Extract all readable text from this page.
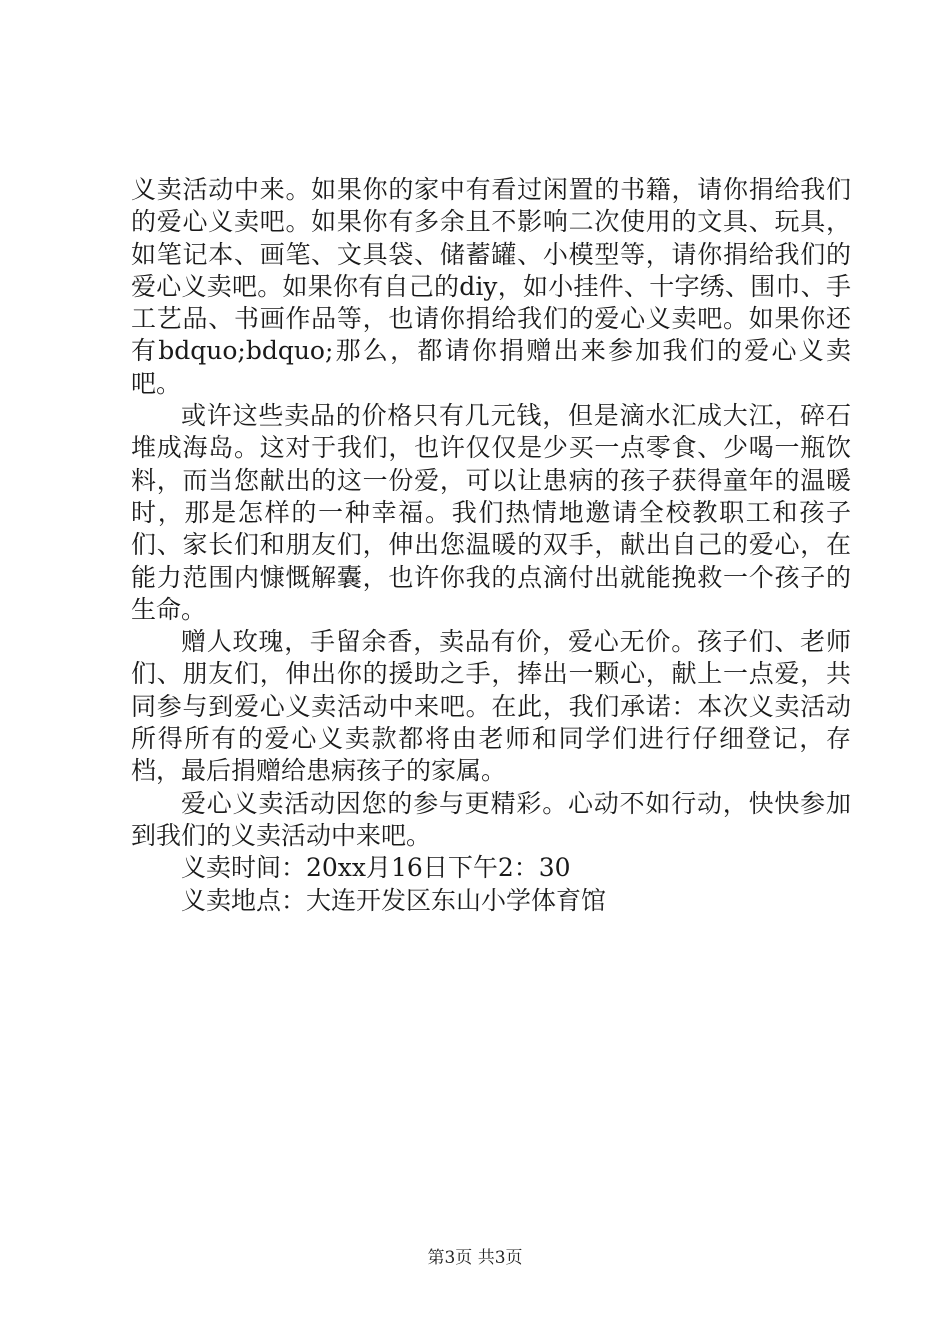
义卖活动中来。如果你的家中有看过闲置的书籍，请你捐给我们的爱心义卖吧。如果你有多余且不影响二次使用的文具、玩具，如笔记本、画笔、文具袋、储蓄罐、小模型等，请你捐给我们的爱心义卖吧。如果你有自己的diy，如小挂件、十字绣、围巾、手工艺品、书画作品等，也请你捐给我们的爱心义卖吧。如果你还有bdquo;bdquo;那么，都请你捐赠出来参加我们的爱心义卖吧。

或许这些卖品的价格只有几元钱，但是滴水汇成大江，碎石堆成海岛。这对于我们，也许仅仅是少买一点零食、少喝一瓶饮料，而当您献出的这一份爱，可以让患病的孩子获得童年的温暖时，那是怎样的一种幸福。我们热情地邀请全校教职工和孩子们、家长们和朋友们，伸出您温暖的双手，献出自己的爱心，在能力范围内慷慨解囊，也许你我的点滴付出就能挽救一个孩子的生命。

赠人玫瑰，手留余香，卖品有价，爱心无价。孩子们、老师们、朋友们，伸出你的援助之手，捧出一颗心，献上一点爱，共同参与到爱心义卖活动中来吧。在此，我们承诺：本次义卖活动所得所有的爱心义卖款都将由老师和同学们进行仔细登记，存档，最后捐赠给患病孩子的家属。

爱心义卖活动因您的参与更精彩。心动不如行动，快快参加到我们的义卖活动中来吧。

义卖时间：20xx月16日下午2：30

义卖地点：大连开发区东山小学体育馆

第3页 共3页
